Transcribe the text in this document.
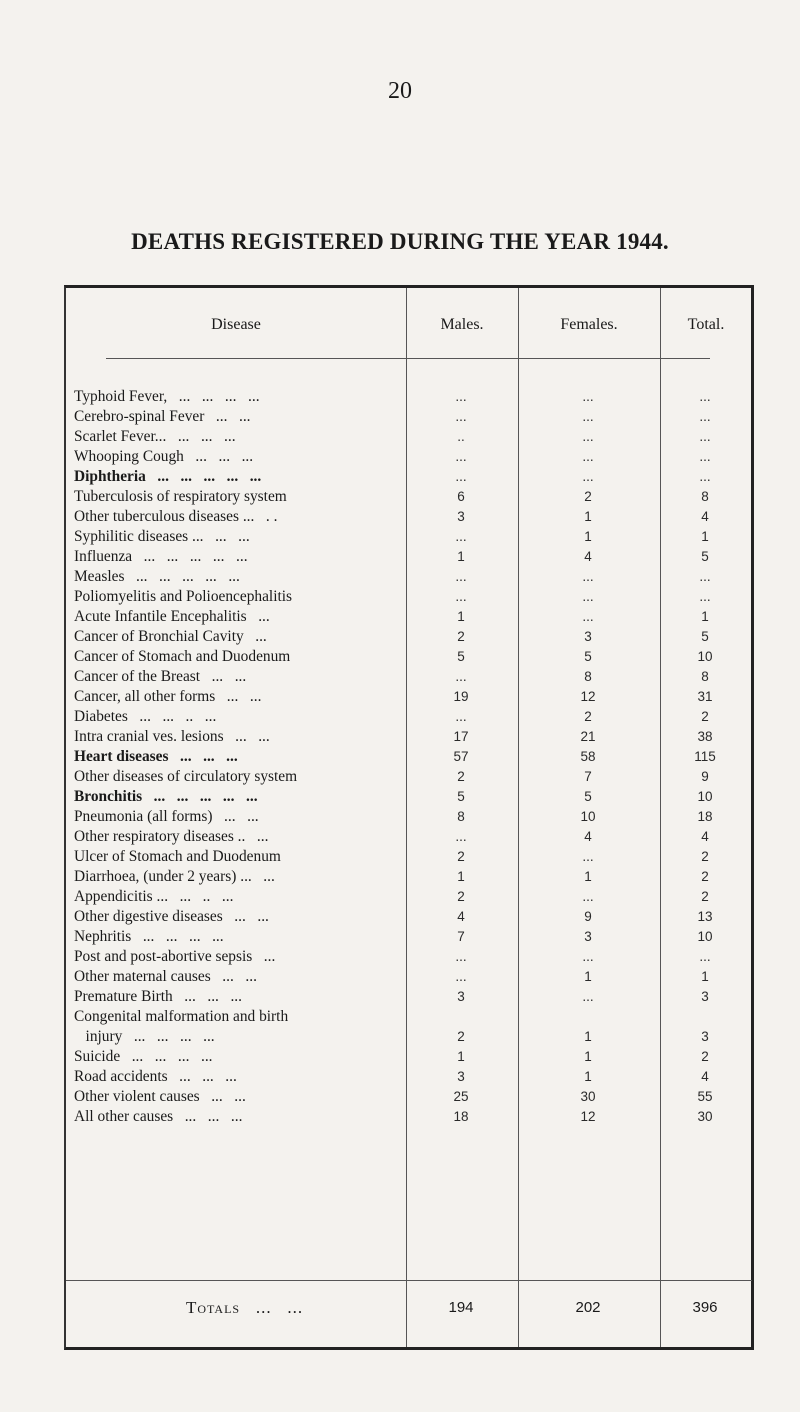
20
DEATHS REGISTERED DURING THE YEAR 1944.
Disease	Males.	Females.	Total.
Typhoid Fever,   ...   ...   ...   ...	...	...	...
Cerebro-spinal Fever   ...   ...	...	...	...
Scarlet Fever...   ...   ...   ...	..	...	...
Whooping Cough   ...   ...   ...	...	...	...
Diphtheria   ...   ...   ...   ...   ...	...	...	...
Tuberculosis of respiratory system	6	2	8
Other tuberculous diseases ...   . .	3	1	4
Syphilitic diseases ...   ...   ...	...	1	1
Influenza   ...   ...   ...   ...   ...	1	4	5
Measles   ...   ...   ...   ...   ...	...	...	...
Poliomyelitis and Polioencephalitis	...	...	...
Acute Infantile Encephalitis   ...	1	...	1
Cancer of Bronchial Cavity   ...	2	3	5
Cancer of Stomach and Duodenum	5	5	10
Cancer of the Breast   ...   ...	...	8	8
Cancer, all other forms   ...   ...	19	12	31
Diabetes   ...   ...   ..   ...	...	2	2
Intra cranial ves. lesions   ...   ...	17	21	38
Heart diseases   ...   ...   ...	57	58	115
Other diseases of circulatory system	2	7	9
Bronchitis   ...   ...   ...   ...   ...	5	5	10
Pneumonia (all forms)   ...   ...	8	10	18
Other respiratory diseases ..   ...	...	4	4
Ulcer of Stomach and Duodenum	2	...	2
Diarrhoea, (under 2 years) ...   ...	1	1	2
Appendicitis ...   ...   ..   ...	2	...	2
Other digestive diseases   ...   ...	4	9	13
Nephritis   ...   ...   ...   ...	7	3	10
Post and post-abortive sepsis   ...	...	...	...
Other maternal causes   ...   ...	...	1	1
Premature Birth   ...   ...   ...	3	...	3
Congenital malformation and birth
injury   ...   ...   ...   ...	2	1	3
Suicide   ...   ...   ...   ...	1	1	2
Road accidents   ...   ...   ...	3	1	4
Other violent causes   ...   ...	25	30	55
All other causes   ...   ...   ...	18	12	30
Totals   ...   ...	194	202	396
